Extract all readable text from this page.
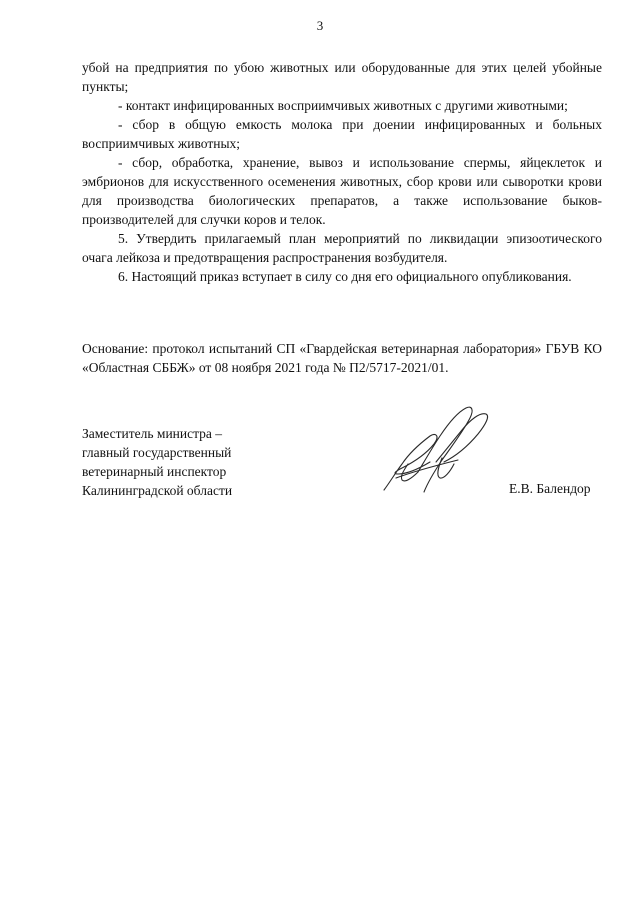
3

убой на предприятия по убою животных или оборудованные для этих целей убойные пункты;

- контакт инфицированных восприимчивых животных с другими животными;

- сбор в общую емкость молока при доении инфицированных и больных восприимчивых животных;

- сбор, обработка, хранение, вывоз и использование спермы, яйцеклеток и эмбрионов для искусственного осеменения животных, сбор крови или сыворотки крови для производства биологических препаратов, а также использование быков-производителей для случки коров и телок.

5. Утвердить прилагаемый план мероприятий по ликвидации эпизоотического очага лейкоза и предотвращения распространения возбудителя.

6. Настоящий приказ вступает в силу со дня его официального опубликования.

Основание: протокол испытаний СП «Гвардейская ветеринарная лаборатория» ГБУВ КО «Областная СББЖ» от 08 ноября 2021 года № П2/5717-2021/01.

Заместитель министра –
главный государственный
ветеринарный инспектор
Калининградской области	Е.В. Балендор
